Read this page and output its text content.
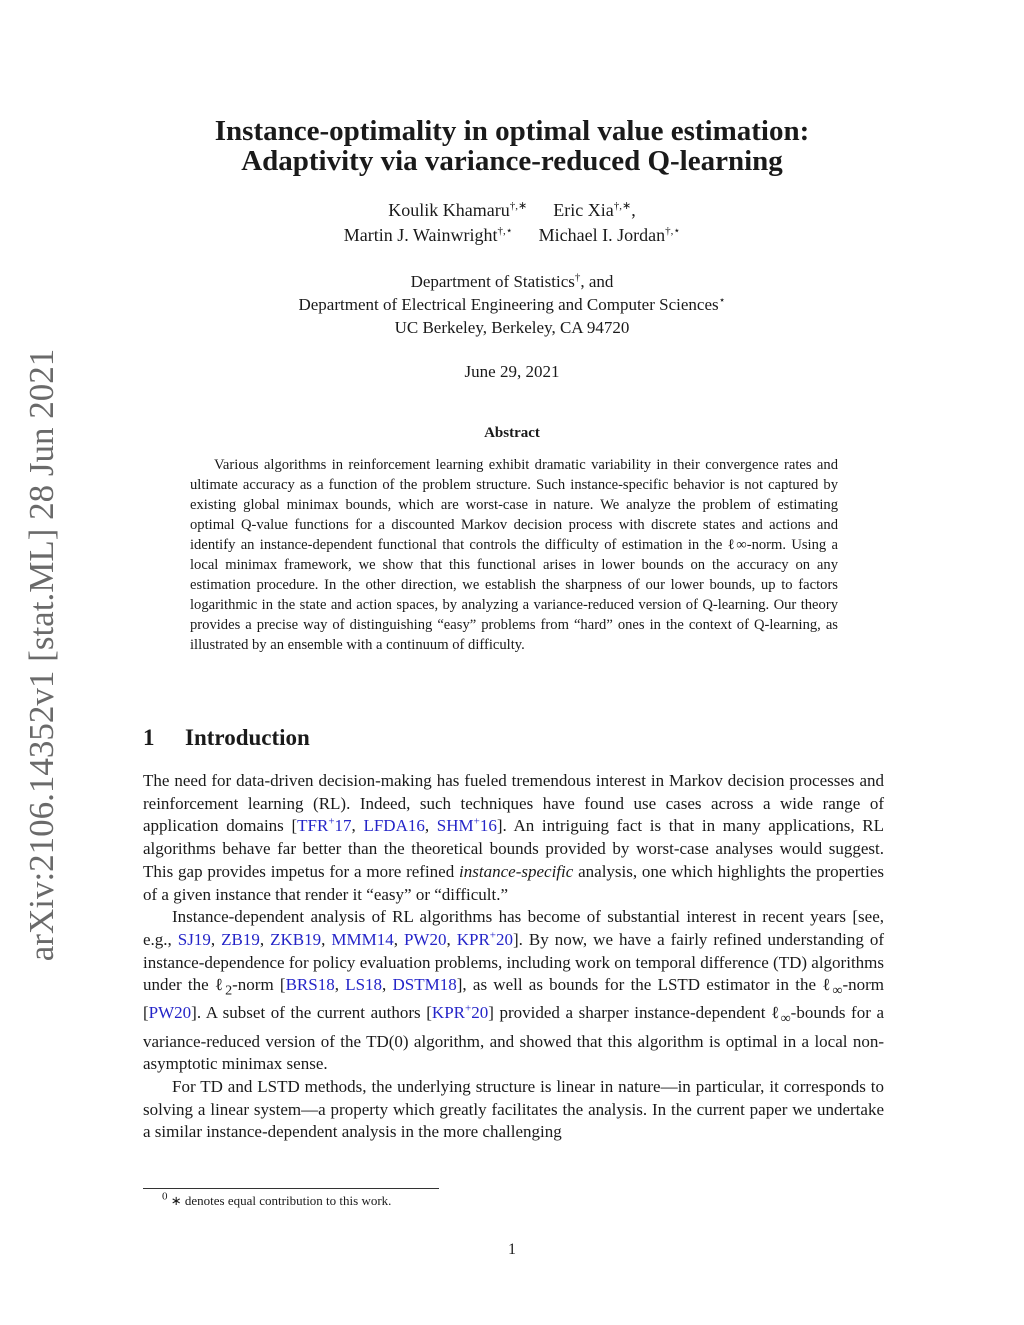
arXiv:2106.14352v1 [stat.ML] 28 Jun 2021
Instance-optimality in optimal value estimation:
Adaptivity via variance-reduced Q-learning
Koulik Khamaru†,∗ Eric Xia†,∗,
Martin J. Wainwright†,⋆ Michael I. Jordan†,⋆
Department of Statistics†, and
Department of Electrical Engineering and Computer Sciences⋆
UC Berkeley, Berkeley, CA 94720
June 29, 2021
Abstract

Various algorithms in reinforcement learning exhibit dramatic variability in their convergence rates and ultimate accuracy as a function of the problem structure. Such instance-specific behavior is not captured by existing global minimax bounds, which are worst-case in nature. We analyze the problem of estimating optimal Q-value functions for a discounted Markov decision process with discrete states and actions and identify an instance-dependent functional that controls the difficulty of estimation in the ℓ∞-norm. Using a local minimax framework, we show that this functional arises in lower bounds on the accuracy on any estimation procedure. In the other direction, we establish the sharpness of our lower bounds, up to factors logarithmic in the state and action spaces, by analyzing a variance-reduced version of Q-learning. Our theory provides a precise way of distinguishing “easy” problems from “hard” ones in the context of Q-learning, as illustrated by an ensemble with a continuum of difficulty.

1 Introduction

The need for data-driven decision-making has fueled tremendous interest in Markov decision processes and reinforcement learning (RL). Indeed, such techniques have found use cases across a wide range of application domains [TFR+17, LFDA16, SHM+16]. An intriguing fact is that in many applications, RL algorithms behave far better than the theoretical bounds provided by worst-case analyses would suggest. This gap provides impetus for a more refined instance-specific analysis, one which highlights the properties of a given instance that render it “easy” or “difficult.”

Instance-dependent analysis of RL algorithms has become of substantial interest in recent years [see, e.g., SJ19, ZB19, ZKB19, MMM14, PW20, KPR+20]. By now, we have a fairly refined understanding of instance-dependence for policy evaluation problems, including work on temporal difference (TD) algorithms under the ℓ$_2$-norm [BRS18, LS18, DSTM18], as well as bounds for the LSTD estimator in the ℓ$_\infty$-norm [PW20]. A subset of the current authors [KPR+20] provided a sharper instance-dependent ℓ$_\infty$-bounds for a variance-reduced version of the TD(0) algorithm, and showed that this algorithm is optimal in a local non-asymptotic minimax sense.

For TD and LSTD methods, the underlying structure is linear in nature—in particular, it corresponds to solving a linear system—a property which greatly facilitates the analysis. In the current paper we undertake a similar instance-dependent analysis in the more challenging

$^0$ ∗ denotes equal contribution to this work.
1
